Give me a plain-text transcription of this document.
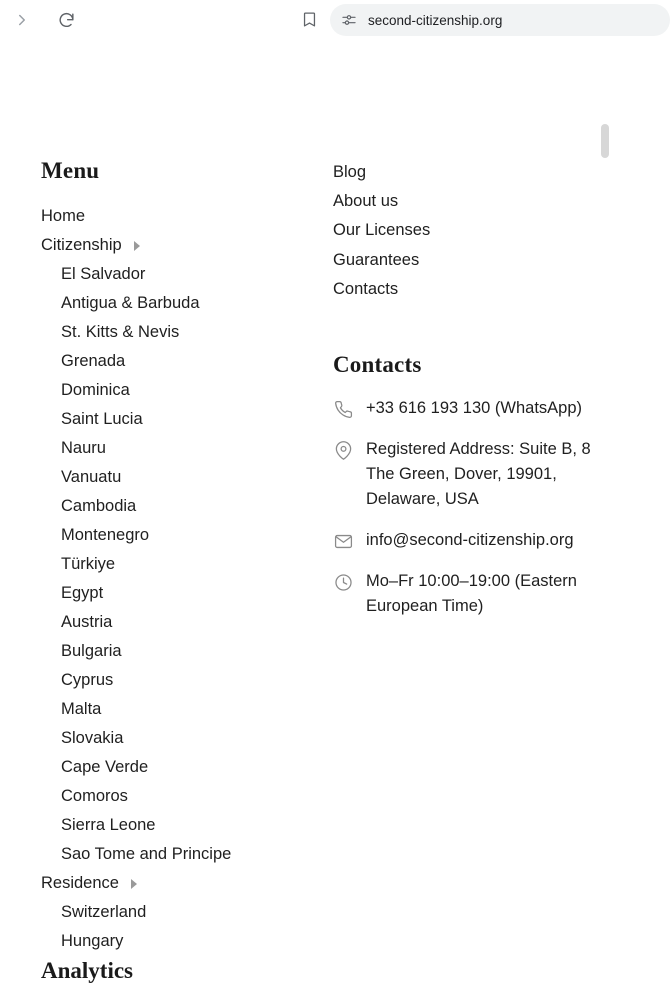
second-citizenship.org
Menu
Home
Citizenship
El Salvador
Antigua & Barbuda
St. Kitts & Nevis
Grenada
Dominica
Saint Lucia
Nauru
Vanuatu
Cambodia
Montenegro
Türkiye
Egypt
Austria
Bulgaria
Cyprus
Malta
Slovakia
Cape Verde
Comoros
Sierra Leone
Sao Tome and Principe
Residence
Switzerland
Hungary
Blog
About us
Our Licenses
Guarantees
Contacts
Contacts
+33 616 193 130 (WhatsApp)
Registered Address: Suite B, 8 The Green, Dover, 19901, Delaware, USA
info@second-citizenship.org
Mo–Fr 10:00–19:00 (Eastern European Time)
Analytics
